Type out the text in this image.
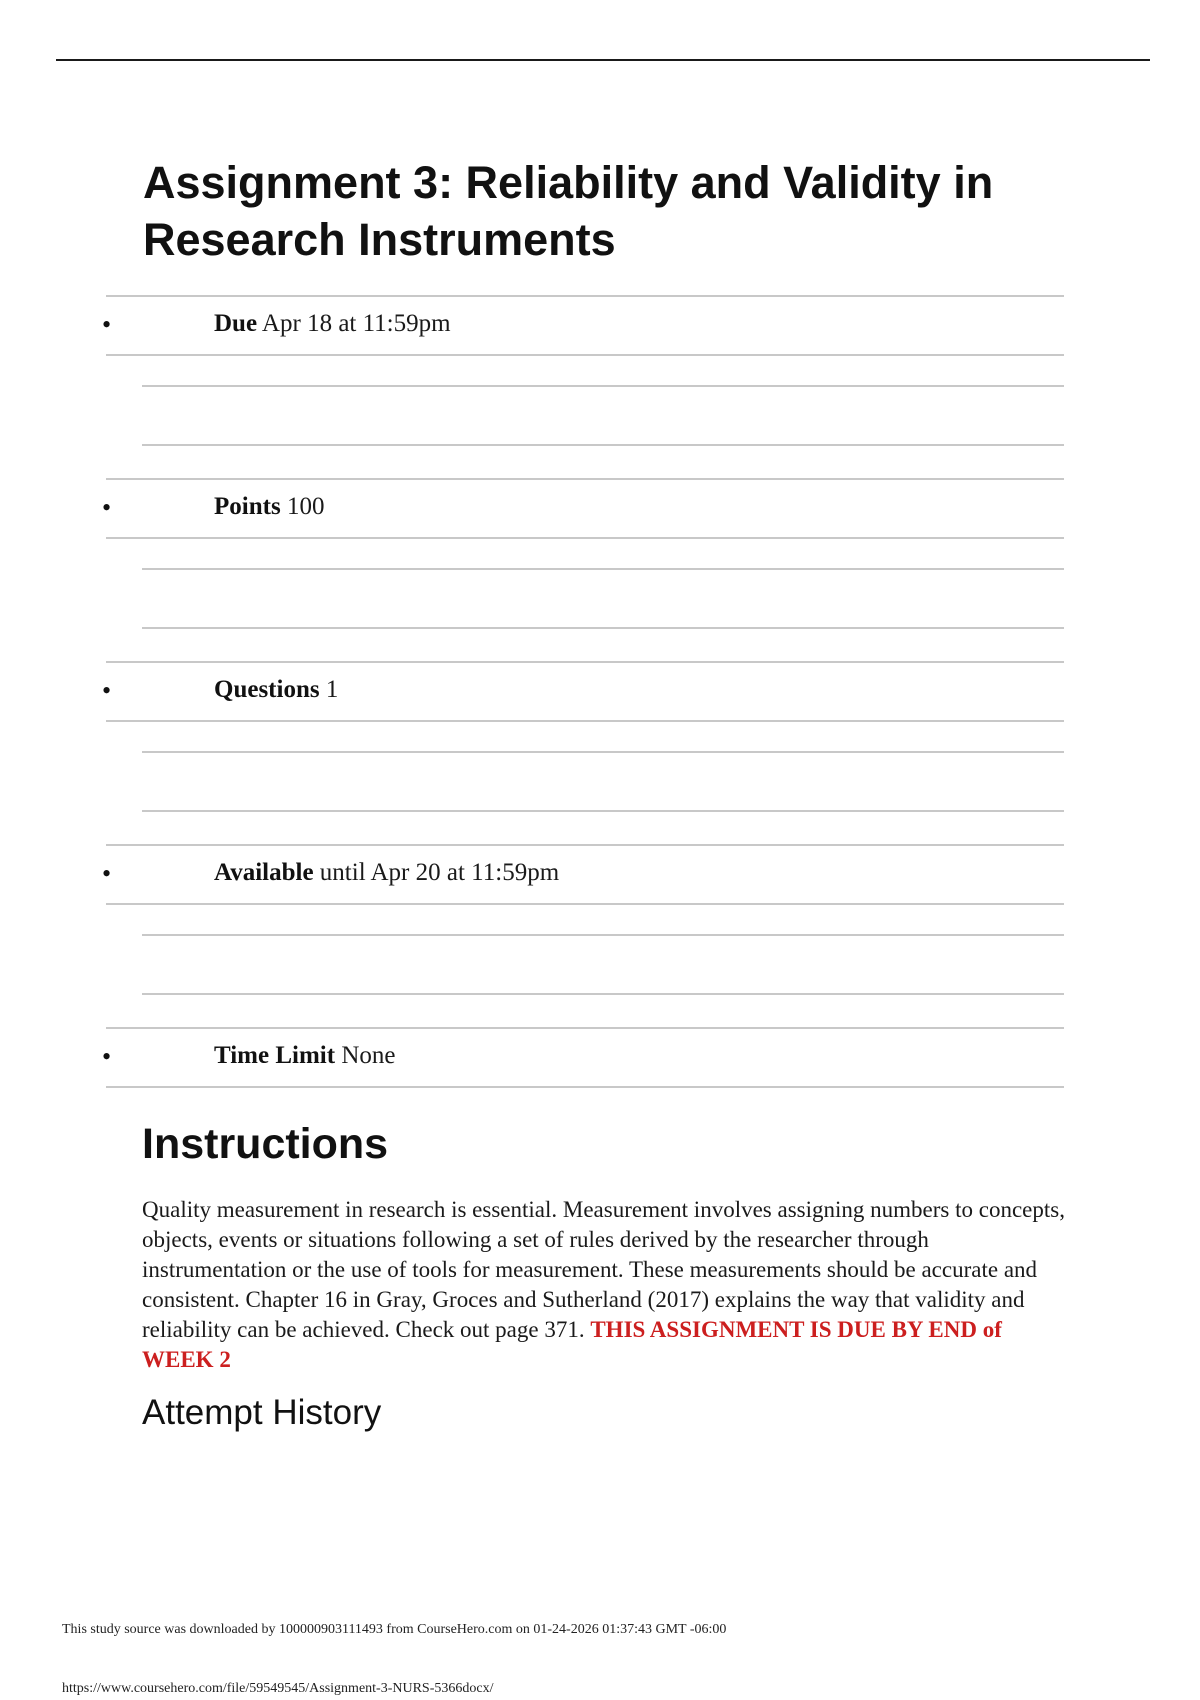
Assignment 3: Reliability and Validity in Research Instruments
•	Due Apr 18 at 11:59pm
•	Points 100
•	Questions 1
•	Available until Apr 20 at 11:59pm
•	Time Limit None
Instructions

Quality measurement in research is essential. Measurement involves assigning numbers to concepts, objects, events or situations following a set of rules derived by the researcher through instrumentation or the use of tools for measurement. These measurements should be accurate and consistent. Chapter 16 in Gray, Groces and Sutherland (2017) explains the way that validity and reliability can be achieved. Check out page 371. THIS ASSIGNMENT IS DUE BY END of WEEK 2

Attempt History

This study source was downloaded by 100000903111493 from CourseHero.com on 01-24-2026 01:37:43 GMT -06:00

https://www.coursehero.com/file/59549545/Assignment-3-NURS-5366docx/
